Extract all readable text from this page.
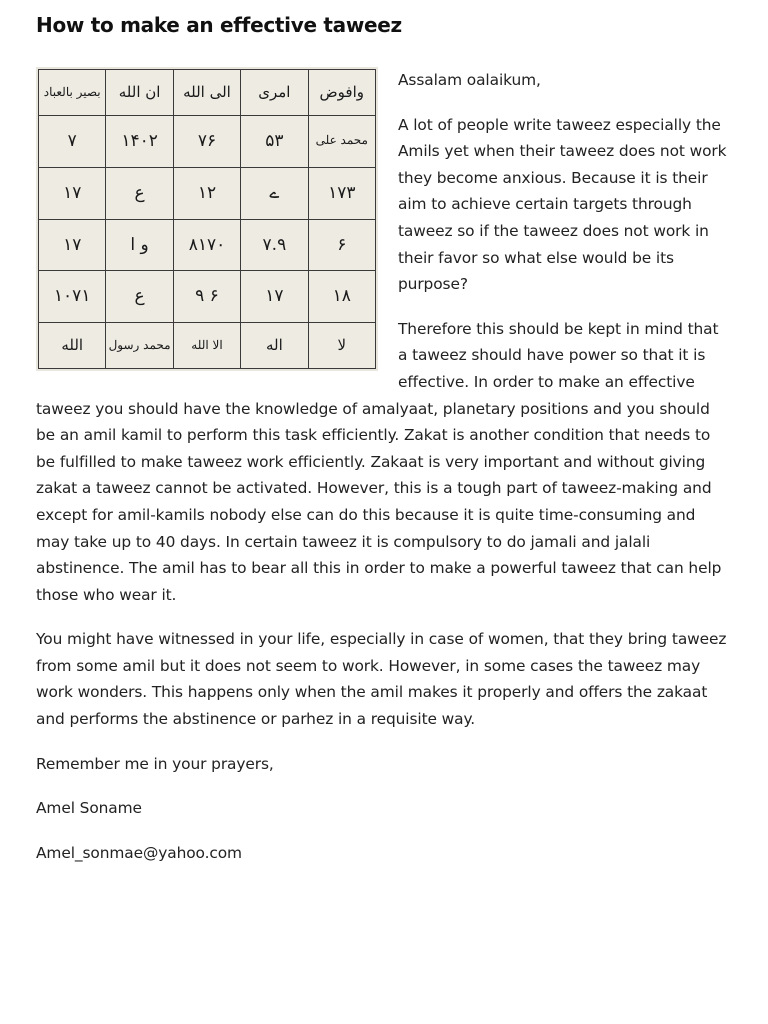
How to make an effective taweez
بصیر بالعباد	ان الله	الی الله	امری	وافوض
۷	۱۴۰۲	۷۶	۵۳	محمد علی
۱۷	ع	۱۲	ے	۱۷۳
۱۷	و ا	۸۱۷۰	۷.۹	۶
۱۰۷۱	ع	۹ ۶	۱۷	۱۸
الله	محمد رسول	الا الله	اله	لا

Assalam oalaikum,

A lot of people write taweez especially the Amils yet when their taweez does not work they become anxious. Because it is their aim to achieve certain targets through taweez so if the taweez does not work in their favor so what else would be its purpose?

Therefore this should be kept in mind that a taweez should have power so that it is effective. In order to make an effective taweez you should have the knowledge of amalyaat, planetary positions and you should be an amil kamil to perform this task efficiently. Zakat is another condition that needs to be fulfilled to make taweez work efficiently. Zakaat is very important and without giving zakat a taweez cannot be activated. However, this is a tough part of taweez-making and except for amil-kamils nobody else can do this because it is quite time-consuming and may take up to 40 days. In certain taweez it is compulsory to do jamali and jalali abstinence. The amil has to bear all this in order to make a powerful taweez that can help those who wear it.

You might have witnessed in your life, especially in case of women, that they bring taweez from some amil but it does not seem to work. However, in some cases the taweez may work wonders. This happens only when the amil makes it properly and offers the zakaat and performs the abstinence or parhez in a requisite way.

Remember me in your prayers,

Amel Soname

Amel_sonmae@yahoo.com
